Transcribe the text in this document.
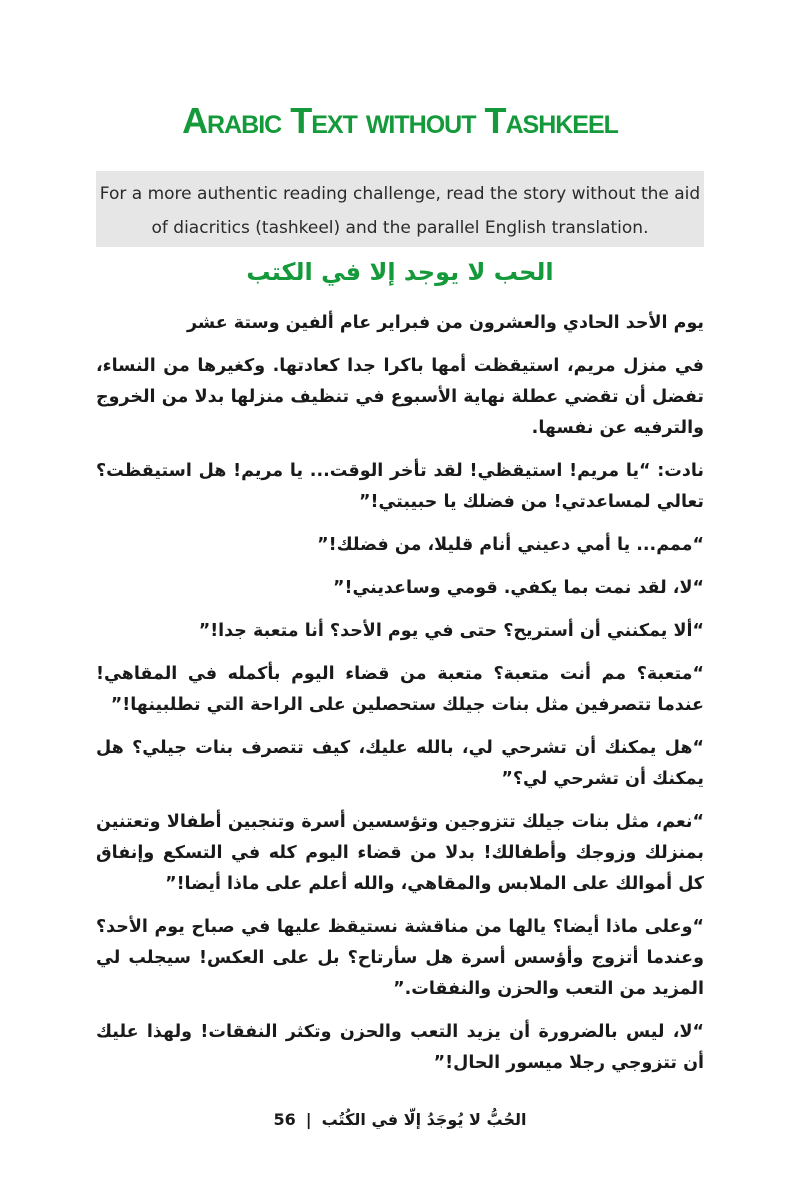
Arabic Text without Tashkeel
For a more authentic reading challenge, read the story without the aid of diacritics (tashkeel) and the parallel English translation.
الحب لا يوجد إلا في الكتب

يوم الأحد الحادي والعشرون من فبراير عام ألفين وستة عشر

في منزل مريم، استيقظت أمها باكرا جدا كعادتها. وكغيرها من النساء، تفضل أن تقضي عطلة نهاية الأسبوع في تنظيف منزلها بدلا من الخروج والترفيه عن نفسها.

نادت: “يا مريم! استيقظي! لقد تأخر الوقت... يا مريم! هل استيقظت؟ تعالي لمساعدتي! من فضلك يا حبيبتي!”

“ممم... يا أمي دعيني أنام قليلا، من فضلك!”

“لا، لقد نمت بما يكفي. قومي وساعديني!”

“ألا يمكنني أن أستريح؟ حتى في يوم الأحد؟ أنا متعبة جدا!”

“متعبة؟ مم أنت متعبة؟ متعبة من قضاء اليوم بأكمله في المقاهي! عندما تتصرفين مثل بنات جيلك ستحصلين على الراحة التي تطلبينها!”

“هل يمكنك أن تشرحي لي، بالله عليك، كيف تتصرف بنات جيلي؟ هل يمكنك أن تشرحي لي؟”

“نعم، مثل بنات جيلك تتزوجين وتؤسسين أسرة وتنجبين أطفالا وتعتنين بمنزلك وزوجك وأطفالك! بدلا من قضاء اليوم كله في التسكع وإنفاق كل أموالك على الملابس والمقاهي، والله أعلم على ماذا أيضا!”

“وعلى ماذا أيضا؟ يالها من مناقشة نستيقظ عليها في صباح يوم الأحد؟ وعندما أتزوج وأؤسس أسرة هل سأرتاح؟ بل على العكس! سيجلب لي المزيد من التعب والحزن والنفقات.”

“لا، ليس بالضرورة أن يزيد التعب والحزن وتكثر النفقات! ولهذا عليك أن تتزوجي رجلا ميسور الحال!”

الحُبُّ لا يُوجَدُ إلّا في الكُتُب|56
